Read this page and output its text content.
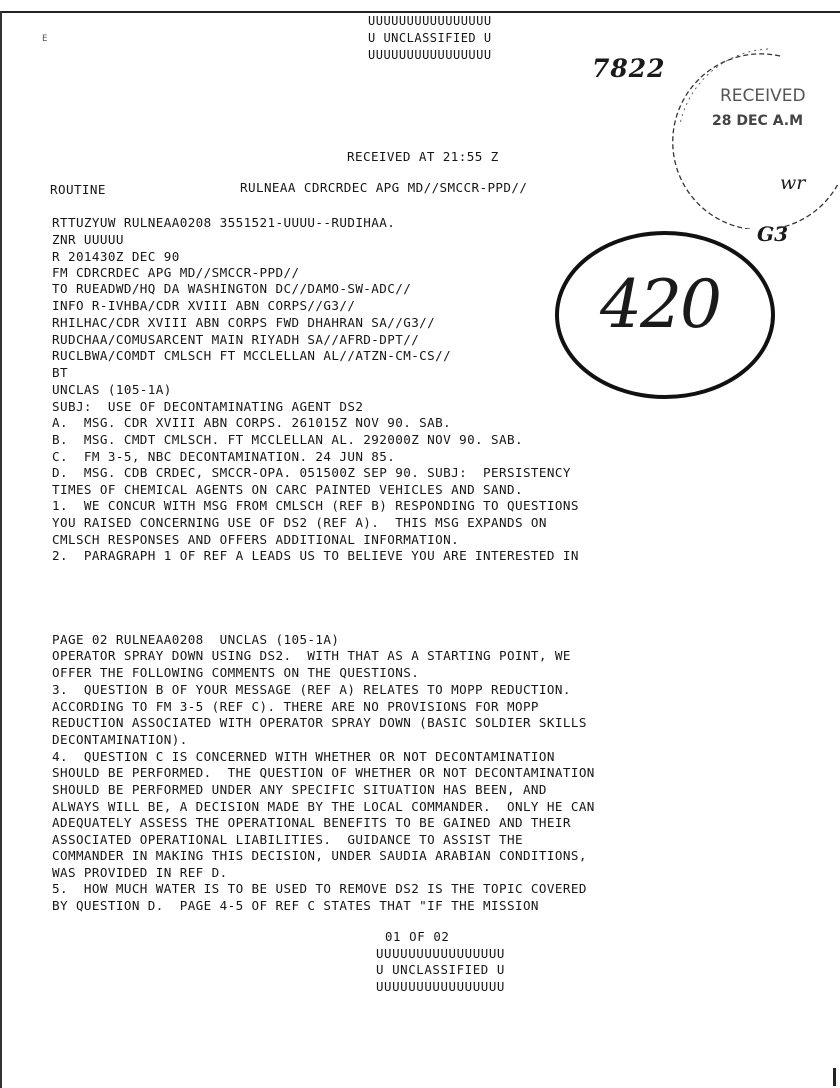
UUUUUUUUUUUUUUUU
U UNCLASSIFIED U
UUUUUUUUUUUUUUUU
E
7822
RECEIVED
28 DEC A.M
wr
G3
420
RECEIVED AT 21:55 Z
ROUTINE	RULNEAA CDRCRDEC APG MD//SMCCR-PPD//
RTTUZYUW RULNEAA0208 3551521-UUUU--RUDIHAA.
ZNR UUUUU
R 201430Z DEC 90
FM CDRCRDEC APG MD//SMCCR-PPD//
TO RUEADWD/HQ DA WASHINGTON DC//DAMO-SW-ADC//
INFO R-IVHBA/CDR XVIII ABN CORPS//G3//
RHILHAC/CDR XVIII ABN CORPS FWD DHAHRAN SA//G3//
RUDCHAA/COMUSARCENT MAIN RIYADH SA//AFRD-DPT//
RUCLBWA/COMDT CMLSCH FT MCCLELLAN AL//ATZN-CM-CS//
BT
UNCLAS (105-1A)
SUBJ:  USE OF DECONTAMINATING AGENT DS2
A.  MSG. CDR XVIII ABN CORPS. 261015Z NOV 90. SAB.
B.  MSG. CMDT CMLSCH. FT MCCLELLAN AL. 292000Z NOV 90. SAB.
C.  FM 3-5, NBC DECONTAMINATION. 24 JUN 85.
D.  MSG. CDB CRDEC, SMCCR-OPA. 051500Z SEP 90. SUBJ:  PERSISTENCY
TIMES OF CHEMICAL AGENTS ON CARC PAINTED VEHICLES AND SAND.
1.  WE CONCUR WITH MSG FROM CMLSCH (REF B) RESPONDING TO QUESTIONS
YOU RAISED CONCERNING USE OF DS2 (REF A).  THIS MSG EXPANDS ON
CMLSCH RESPONSES AND OFFERS ADDITIONAL INFORMATION.
2.  PARAGRAPH 1 OF REF A LEADS US TO BELIEVE YOU ARE INTERESTED IN
PAGE 02 RULNEAA0208  UNCLAS (105-1A)
OPERATOR SPRAY DOWN USING DS2.  WITH THAT AS A STARTING POINT, WE
OFFER THE FOLLOWING COMMENTS ON THE QUESTIONS.
3.  QUESTION B OF YOUR MESSAGE (REF A) RELATES TO MOPP REDUCTION.
ACCORDING TO FM 3-5 (REF C). THERE ARE NO PROVISIONS FOR MOPP
REDUCTION ASSOCIATED WITH OPERATOR SPRAY DOWN (BASIC SOLDIER SKILLS
DECONTAMINATION).
4.  QUESTION C IS CONCERNED WITH WHETHER OR NOT DECONTAMINATION
SHOULD BE PERFORMED.  THE QUESTION OF WHETHER OR NOT DECONTAMINATION
SHOULD BE PERFORMED UNDER ANY SPECIFIC SITUATION HAS BEEN, AND
ALWAYS WILL BE, A DECISION MADE BY THE LOCAL COMMANDER.  ONLY HE CAN
ADEQUATELY ASSESS THE OPERATIONAL BENEFITS TO BE GAINED AND THEIR
ASSOCIATED OPERATIONAL LIABILITIES.  GUIDANCE TO ASSIST THE
COMMANDER IN MAKING THIS DECISION, UNDER SAUDIA ARABIAN CONDITIONS,
WAS PROVIDED IN REF D.
5.  HOW MUCH WATER IS TO BE USED TO REMOVE DS2 IS THE TOPIC COVERED
BY QUESTION D.  PAGE 4-5 OF REF C STATES THAT "IF THE MISSION
01 OF 02
UUUUUUUUUUUUUUUU
U UNCLASSIFIED U
UUUUUUUUUUUUUUUU
